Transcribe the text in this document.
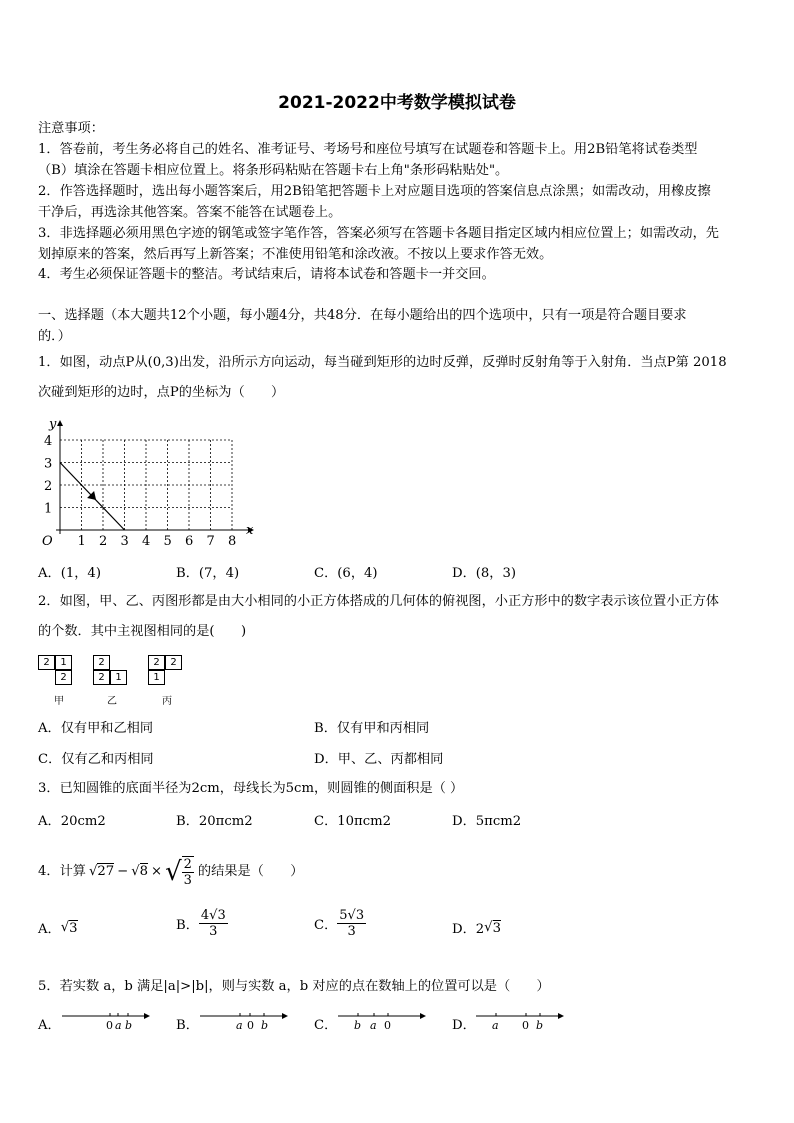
2021-2022中考数学模拟试卷
注意事项：
1．答卷前，考生务必将自己的姓名、准考证号、考场号和座位号填写在试题卷和答题卡上。用2B铅笔将试卷类型
（B）填涂在答题卡相应位置上。将条形码粘贴在答题卡右上角"条形码粘贴处"。
2．作答选择题时，选出每小题答案后，用2B铅笔把答题卡上对应题目选项的答案信息点涂黑；如需改动，用橡皮擦
干净后，再选涂其他答案。答案不能答在试题卷上。
3．非选择题必须用黑色字迹的钢笔或签字笔作答，答案必须写在答题卡各题目指定区域内相应位置上；如需改动，先
划掉原来的答案，然后再写上新答案；不准使用铅笔和涂改液。不按以上要求作答无效。
4．考生必须保证答题卡的整洁。考试结束后，请将本试卷和答题卡一并交回。
一、选择题（本大题共12个小题，每小题4分，共48分．在每小题给出的四个选项中，只有一项是符合题目要求
的．）
1．如图，动点P从(0,3)出发，沿所示方向运动，每当碰到矩形的边时反弹，反弹时反射角等于入射角．当点P第 2018
次碰到矩形的边时，点P的坐标为（　　）
1 2 3 4 5 6 7 8
1
2
3
4
O
y
x
A．(1，4)	B．(7，4)	C．(6，4)	D．(8，3)
2．如图，甲、乙、丙图形都是由大小相同的小正方体搭成的几何体的俯视图，小正方形中的数字表示该位置小正方体
的个数．其中主视图相同的是(　　)
2	1
2
甲
2
2	1
乙
2	2
1
丙
A．仅有甲和乙相同	B．仅有甲和丙相同
C．仅有乙和丙相同	D．甲、乙、丙都相同
3．已知圆锥的底面半径为2cm，母线长为5cm，则圆锥的侧面积是（ ）
A．20cm2	B．20πcm2	C．10πcm2	D．5πcm2
4．计算 √27 − √8 × √ $\frac{2}{3}$ 的结果是（　　）
A． √ 3	B． $\frac{4√3}{3}$	C． $\frac{5√3}{3}$	D．2 √ 3
5．若实数 a，b 满足|a|>|b|，则与实数 a，b 对应的点在数轴上的位置可以是（　　）
A．	B．	C．	D．
0 a b	a 0 b	b a 0	a 0 b
